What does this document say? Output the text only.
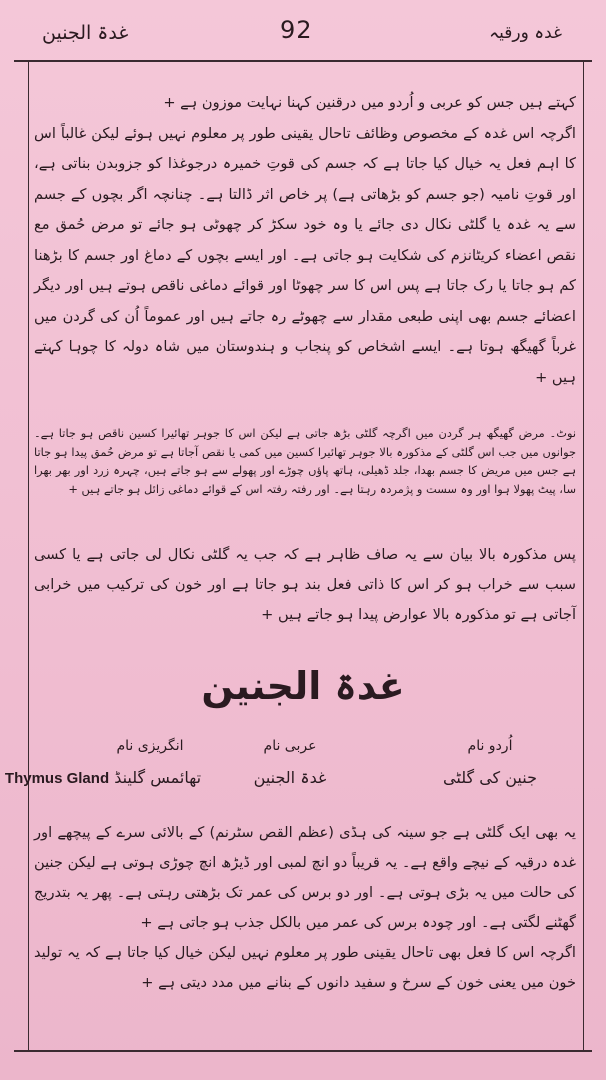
غدۃ الجنین	92	غدہ ورقیہ

کہتے ہیں جس کو عربی و اُردو میں درقنین کہنا نہایت موزون ہے +

اگرچہ اس غدہ کے مخصوص وظائف تاحال یقینی طور پر معلوم نہیں ہوئے لیکن غالباً اس کا اہم فعل یہ خیال کیا جاتا ہے کہ جسم کی قوتِ خمیرہ درجوغذا کو جزوبدن بناتی ہے، اور قوتِ نامیہ (جو جسم کو بڑھاتی ہے) پر خاص اثر ڈالتا ہے۔ چنانچہ اگر بچوں کے جسم سے یہ غدہ یا گلٹی نکال دی جائے یا وہ خود سکڑ کر چھوٹی ہو جائے تو مرض حُمق مع نقص اعضاء کریٹانزم کی شکایت ہو جاتی ہے۔ اور ایسے بچوں کے دماغ اور جسم کا بڑھنا کم ہو جاتا یا رک جاتا ہے پس اس کا سر چھوٹا اور قوائے دماغی ناقص ہوتے ہیں اور دیگر اعضائے جسم بھی اپنی طبعی مقدار سے چھوٹے رہ جاتے ہیں اور عموماً اُن کی گردن میں غرباً گھیگھ ہوتا ہے۔ ایسے اشخاص کو پنجاب و ہندوستان میں شاہ دولہ کا چوہا کہتے ہیں +

نوٹ۔ مرض گھیگھ ہر گردن میں اگرچہ گلٹی بڑھ جاتی ہے لیکن اس کا جوہر تھائیرا کسین ناقص ہو جاتا ہے۔ جوانوں میں جب اس گلٹی کے مذکورہ بالا جوہر تھائیرا کسین میں کمی یا نقص آجاتا ہے تو مرض حُمق پیدا ہو جاتا ہے جس میں مریض کا جسم بھدا، جلد ڈھیلی، ہاتھ پاؤں چوڑے اور پھولے سے ہو جاتے ہیں، چہرہ زرد اور بھر بھرا سا، پیٹ پھولا ہوا اور وہ سست و پژمردہ رہتا ہے۔ اور رفتہ رفتہ اس کے قوائے دماغی زائل ہو جاتے ہیں +

پس مذکورہ بالا بیان سے یہ صاف ظاہر ہے کہ جب یہ گلٹی نکال لی جاتی ہے یا کسی سبب سے خراب ہو کر اس کا ذاتی فعل بند ہو جاتا ہے اور خون کی ترکیب میں خرابی آجاتی ہے تو مذکورہ بالا عوارض پیدا ہو جاتے ہیں +

غدۃ الجنین
اُردو نام
جنین کی گلٹی
عربی نام
غدۃ الجنین
انگریزی نام
Thymus Gland تھائمس گلینڈ

یہ بھی ایک گلٹی ہے جو سینہ کی ہڈی (عظم القص سٹرنم) کے بالائی سرے کے پیچھے اور غدہ درقیہ کے نیچے واقع ہے۔ یہ قریباً دو انچ لمبی اور ڈیڑھ انچ چوڑی ہوتی ہے لیکن جنین کی حالت میں یہ بڑی ہوتی ہے۔ اور دو برس کی عمر تک بڑھتی رہتی ہے۔ پھر یہ بتدریج گھٹنے لگتی ہے۔ اور چودہ برس کی عمر میں بالکل جذب ہو جاتی ہے +

اگرچہ اس کا فعل بھی تاحال یقینی طور پر معلوم نہیں لیکن خیال کیا جاتا ہے کہ یہ تولید خون میں یعنی خون کے سرخ و سفید دانوں کے بنانے میں مدد دیتی ہے +
